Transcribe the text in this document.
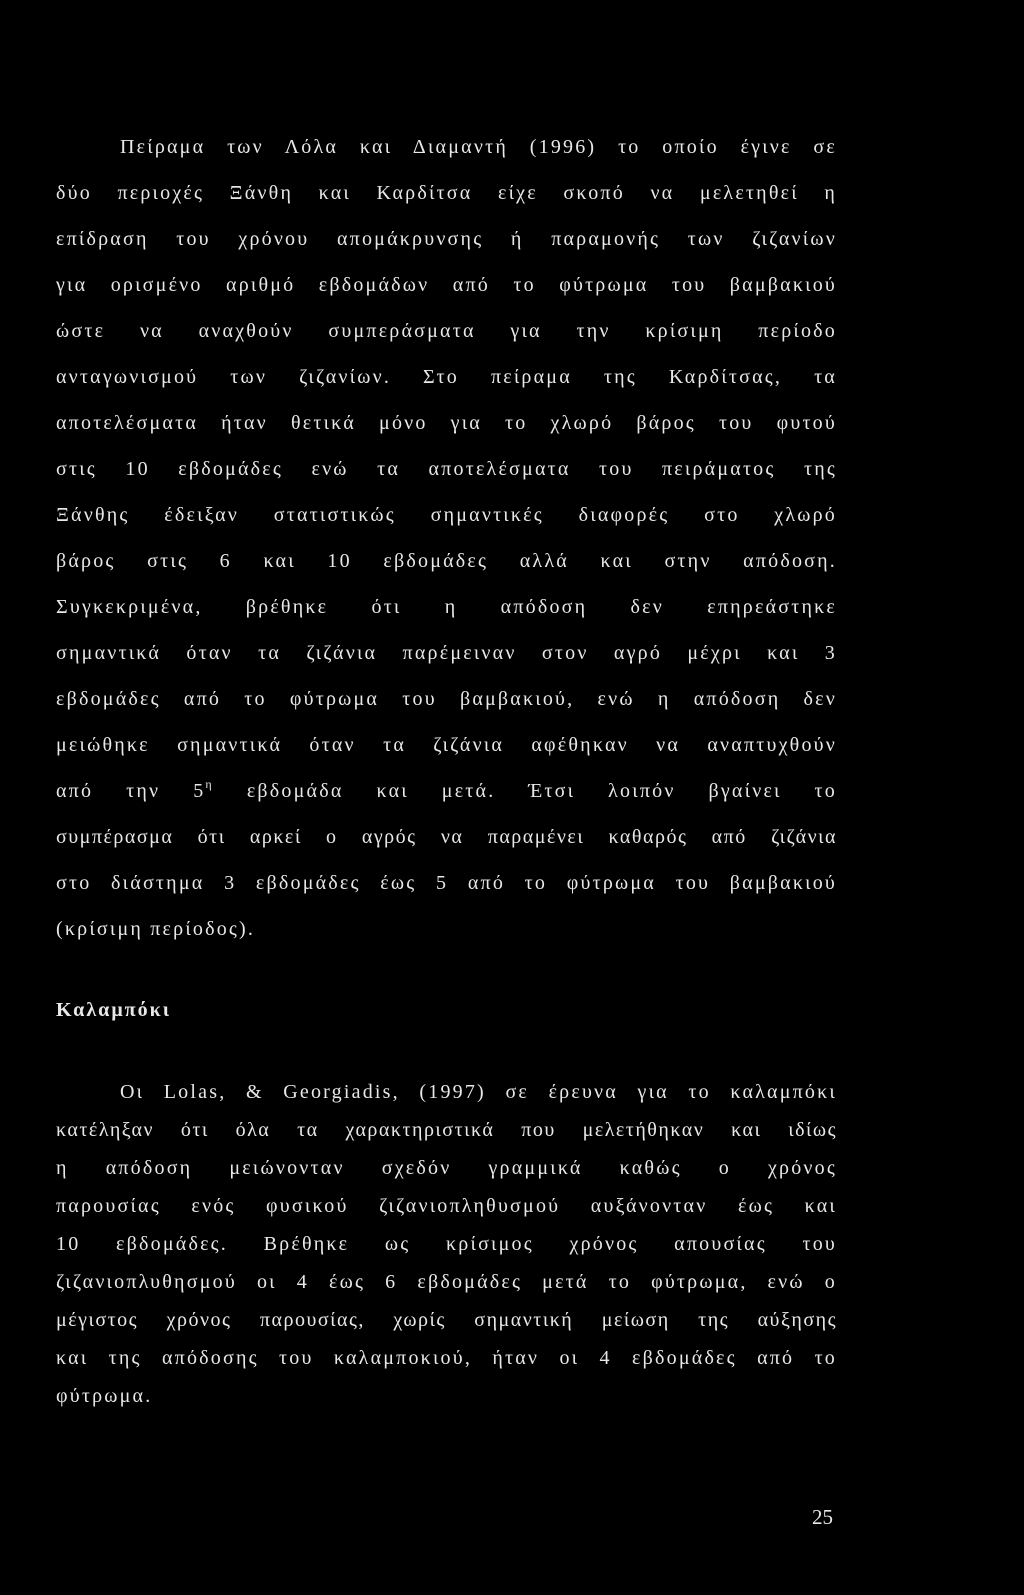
Πείραμα των Λόλα και Διαμαντή (1996) το οποίο έγινε σε
δύο περιοχές Ξάνθη και Καρδίτσα είχε σκοπό να μελετηθεί η
επίδραση του χρόνου απομάκρυνσης ή παραμονής των ζιζανίων
για ορισμένο αριθμό εβδομάδων από το φύτρωμα του βαμβακιού
ώστε να αναχθούν συμπεράσματα για την κρίσιμη περίοδο
ανταγωνισμού των ζιζανίων. Στο πείραμα της Καρδίτσας, τα
αποτελέσματα ήταν θετικά μόνο για το χλωρό βάρος του φυτού
στις 10 εβδομάδες ενώ τα αποτελέσματα του πειράματος της
Ξάνθης έδειξαν στατιστικώς σημαντικές διαφορές στο χλωρό
βάρος στις 6 και 10 εβδομάδες αλλά και στην απόδοση.
Συγκεκριμένα, βρέθηκε ότι η απόδοση δεν επηρεάστηκε
σημαντικά όταν τα ζιζάνια παρέμειναν στον αγρό μέχρι και 3
εβδομάδες από το φύτρωμα του βαμβακιού, ενώ η απόδοση δεν
μειώθηκε σημαντικά όταν τα ζιζάνια αφέθηκαν να αναπτυχθούν
από την $5^\eta$ εβδομάδα και μετά. Έτσι λοιπόν βγαίνει το
συμπέρασμα ότι αρκεί ο αγρός να παραμένει καθαρός από ζιζάνια
στο διάστημα 3 εβδομάδες έως 5 από το φύτρωμα του βαμβακιού
(κρίσιμη περίοδος).
Καλαμπόκι
Οι Lolas, & Georgiadis, (1997) σε έρευνα για το καλαμπόκι
κατέληξαν ότι όλα τα χαρακτηριστικά που μελετήθηκαν και ιδίως
η απόδοση μειώνονταν σχεδόν γραμμικά καθώς ο χρόνος
παρουσίας ενός φυσικού ζιζανιοπληθυσμού αυξάνονταν έως και
10 εβδομάδες. Βρέθηκε ως κρίσιμος χρόνος απουσίας του
ζιζανιοπλυθησμού οι 4 έως 6 εβδομάδες μετά το φύτρωμα, ενώ ο
μέγιστος χρόνος παρουσίας, χωρίς σημαντική μείωση της αύξησης
και της απόδοσης του καλαμποκιού, ήταν οι 4 εβδομάδες από το
φύτρωμα.
25
